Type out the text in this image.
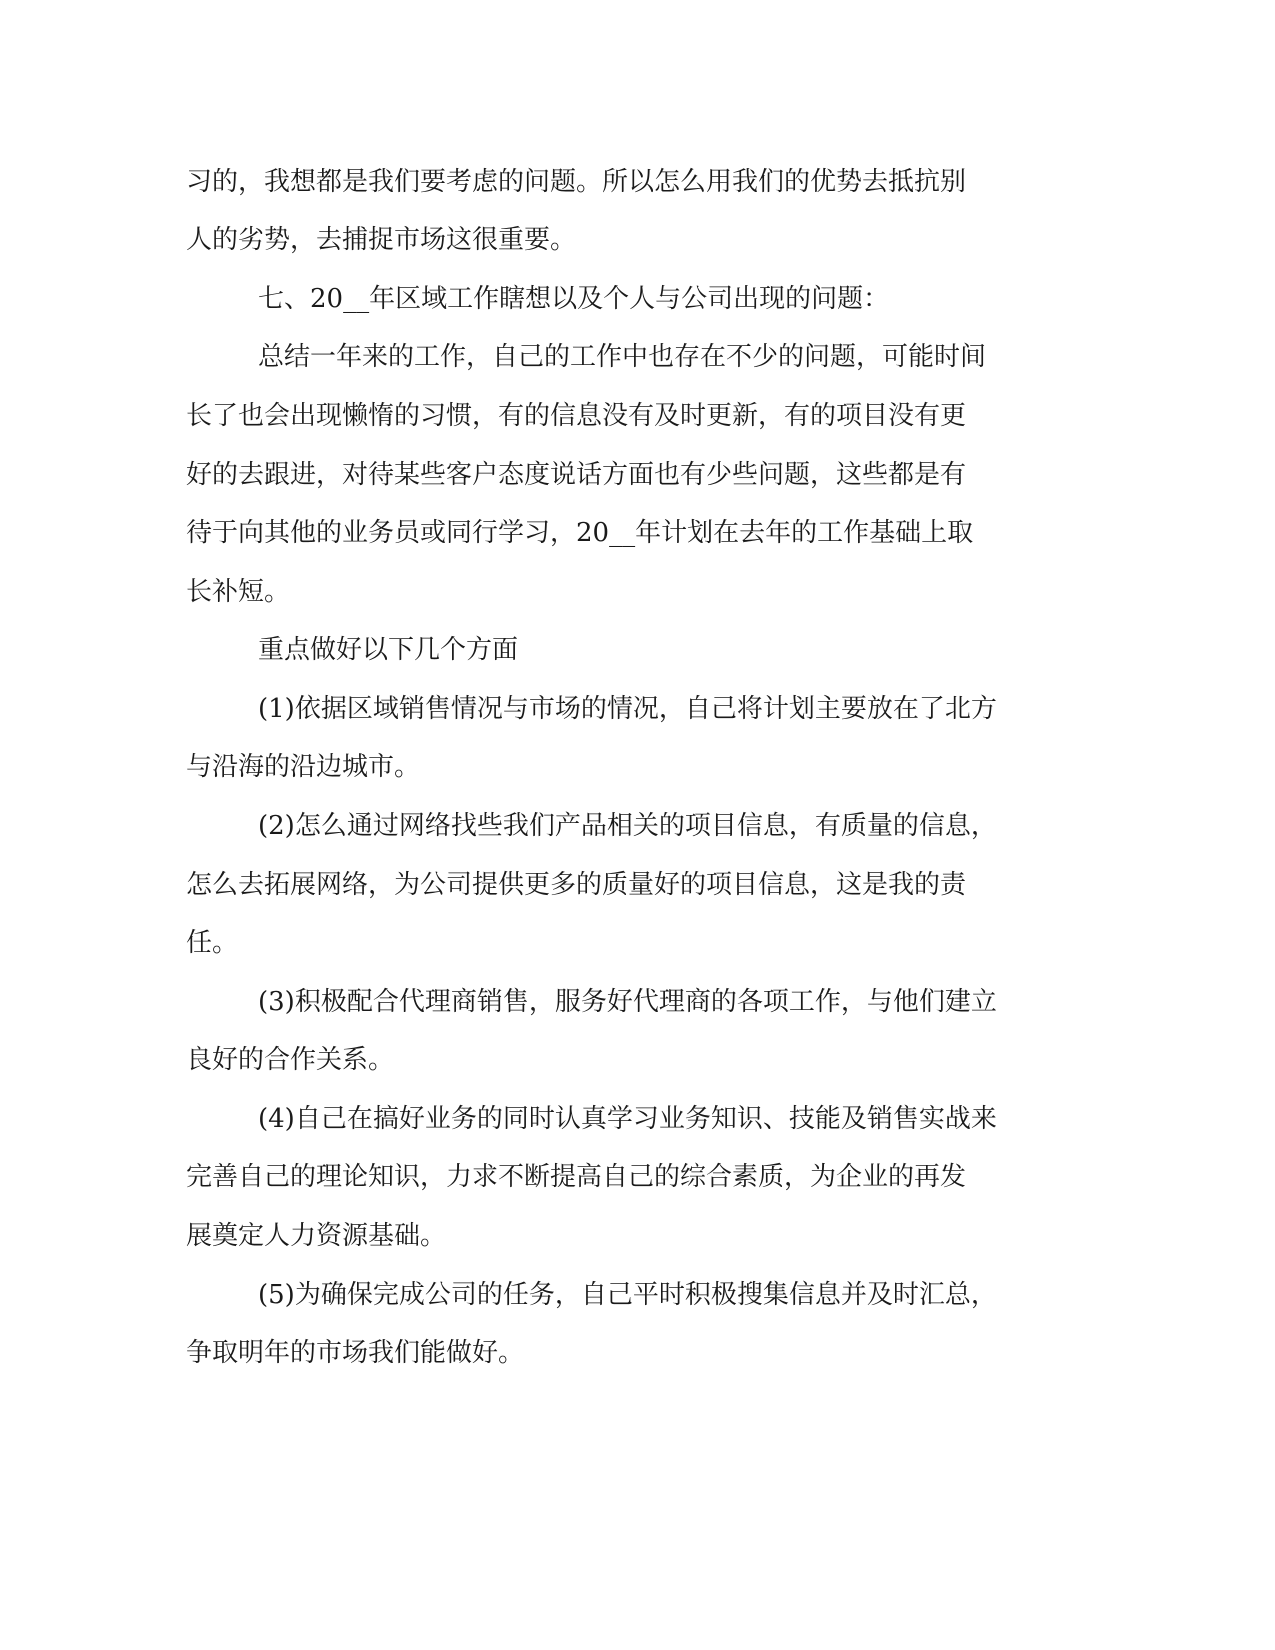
习的，我想都是我们要考虑的问题。所以怎么用我们的优势去抵抗别
人的劣势，去捕捉市场这很重要。
七、20__年区域工作瞎想以及个人与公司出现的问题：
总结一年来的工作，自己的工作中也存在不少的问题，可能时间
长了也会出现懒惰的习惯，有的信息没有及时更新，有的项目没有更
好的去跟进，对待某些客户态度说话方面也有少些问题，这些都是有
待于向其他的业务员或同行学习，20__年计划在去年的工作基础上取
长补短。
重点做好以下几个方面
(1)依据区域销售情况与市场的情况，自己将计划主要放在了北方
与沿海的沿边城市。
(2)怎么通过网络找些我们产品相关的项目信息，有质量的信息，
怎么去拓展网络，为公司提供更多的质量好的项目信息，这是我的责
任。
(3)积极配合代理商销售，服务好代理商的各项工作，与他们建立
良好的合作关系。
(4)自己在搞好业务的同时认真学习业务知识、技能及销售实战来
完善自己的理论知识，力求不断提高自己的综合素质，为企业的再发
展奠定人力资源基础。
(5)为确保完成公司的任务，自己平时积极搜集信息并及时汇总，
争取明年的市场我们能做好。
